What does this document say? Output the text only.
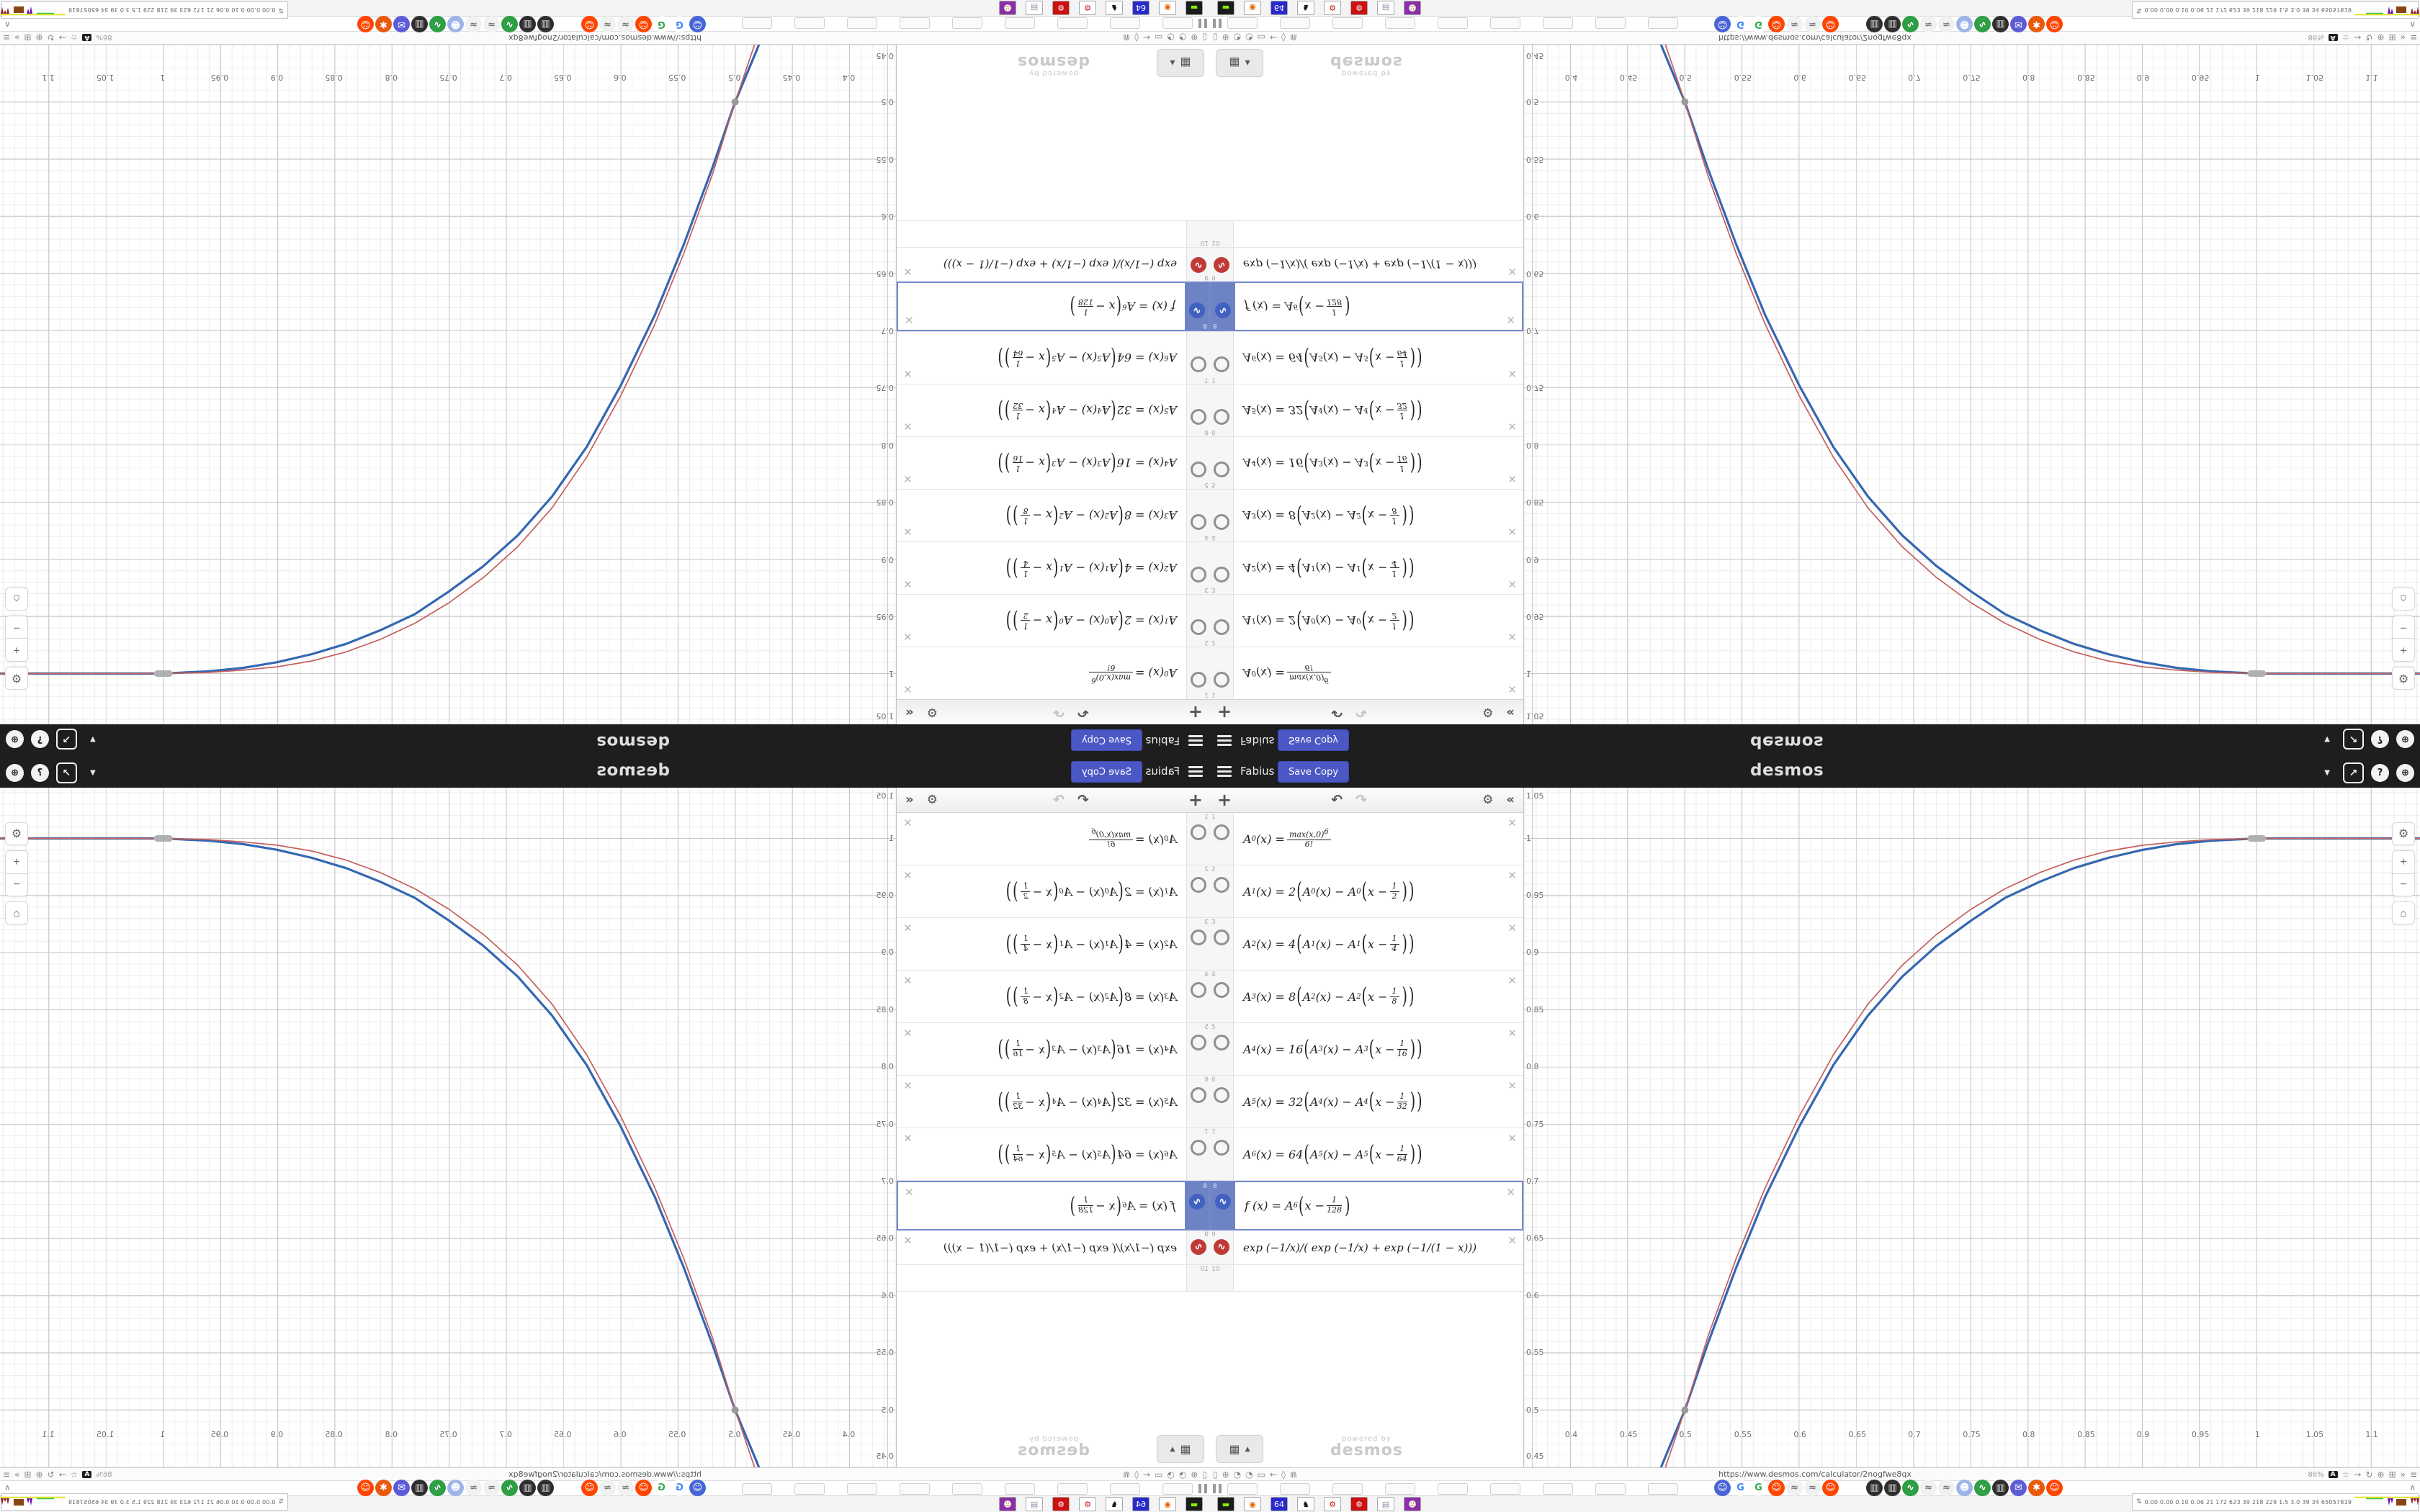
Fabius
Save Copy
desmos
▼
↗
?
⊕
+
↶
↷
⚙
«
1
A
0
(x) =
$\max(x,0)^6$
6!
✕
2
A
1
(x) = 2
(
A
0
(x) − A
0
(
x −
1
2
)
)
✕
3
A
2
(x) = 4
(
A
1
(x) − A
1
(
x −
1
4
)
)
✕
4
A
3
(x) = 8
(
A
2
(x) − A
2
(
x −
1
8
)
)
✕
5
A
4
(x) = 16
(
A
3
(x) − A
3
(
x −
1
16
)
)
✕
6
A
5
(x) = 32
(
A
4
(x) − A
4
(
x −
1
32
)
)
✕
7
A
6
(x) = 64
(
A
5
(x) − A
5
(
x −
1
64
)
)
✕
8
∿
f (x) = A
6
(
x −
1
128
)
✕
9
∿
exp (−1/x)/( exp (−1/x) + exp (−1/(1 − x)))
✕
10
▦
▲
powered by
desmos
1.05
1
0.95
0.9
0.85
0.8
0.75
0.7
0.65
0.6
0.55
0.5
0.45
0.4
0.45
0.5
0.55
0.6
0.65
0.7
0.75
0.8
0.85
0.9
0.95
1
1.05
1.1
⚙
+
−
⌂
▯
⊕
◔
◔
▭
←
◊
⋒
https://www.desmos.com/calculator/2nogfwe8qx
86%
A
☆
→
↻
⊕
⊞
»
≡
☺
G
G
☺
≈
≈
☺
▥
▥
∿
≈
≈
☻
∿
▥
✉
✱
☺
∧
▬
◉
64
♞
⚙
⚙
▤
☻
⇅
0.00 0.00 0.10 0.06 21 172 623 39 218 229 1.5 3.0 39 34 65057819
Fabius	Save Copy	desmos	▼	↗	?	⊕
+	↶ ↷	⚙ «
1
A 0 $(x) = \max(x,0)^6$
6!
✕
2
A 1 (x) = 2 ( A 0 (x) − A 0 ( x − 1
2 ) )
✕
3
A 2 (x) = 4 ( A 1 (x) − A 1 ( x − 1
4 ) )
✕
4
A 3 (x) = 8 ( A 2 (x) − A 2 ( x − 1
8 ) )
✕
5
A 4 (x) = 16 ( A 3 (x) − A 3 ( x − 1
16 ) )
✕
6
A 5 (x) = 32 ( A 4 (x) − A 4 ( x − 1
32 ) )
✕
7
A 6 (x) = 64 ( A 5 (x) − A 5 ( x − 1
64 ) )
✕
8
∿	f (x) = A 6 ( x − 1
128 )
✕
9
∿	exp (−1/x)/( exp (−1/x) + exp (−1/(1 − x)))
✕
10
▦ ▲
powered by
desmos
1.05
1
0.95
0.9
0.85
0.8
0.75
0.7
0.65
0.6
0.55
0.5
0.45
0.4	0.45	0.5	0.55	0.6	0.65	0.7	0.75	0.8	0.85	0.9	0.95	1	1.05	1.1
⚙
+
−
⌂
▯ ⊕ ◔ ◔ ▭ ← ◊ ⋒	https://www.desmos.com/calculator/2nogfwe8qx	86%	A ☆ → ↻ ⊕ ⊞ » ≡
☺ G	G ☺ ≈	≈ ☺	▥ ▥	∿	≈	≈ ☻ ∿	▥	✉	✱ ☺	∧
▬	◉	64	♞	⚙	⚙	▤	☻	⇅ 0.00 0.00 0.10 0.06 21 172 623 39 218 229 1.5 3.0 39 34 65057819
Fabius
Save Copy
desmos
▼
↗
?
⊕
+
↶
↷
⚙
«
1
A
0
(x) =
$\max(x,0)^6$
6!
✕
2
A
1
(x) = 2
(
A
0
(x) − A
0
(
x −
1
2
)
)
✕
3
A
2
(x) = 4
(
A
1
(x) − A
1
(
x −
1
4
)
)
✕
4
A
3
(x) = 8
(
A
2
(x) − A
2
(
x −
1
8
)
)
✕
5
A
4
(x) = 16
(
A
3
(x) − A
3
(
x −
1
16
)
)
✕
6
A
5
(x) = 32
(
A
4
(x) − A
4
(
x −
1
32
)
)
✕
7
A
6
(x) = 64
(
A
5
(x) − A
5
(
x −
1
64
)
)
✕
8
∿
f (x) = A
6
(
x −
1
128
)
✕
9
∿
exp (−1/x)/( exp (−1/x) + exp (−1/(1 − x)))
✕
10
▦
▲
powered by
desmos
1.05
1
0.95
0.9
0.85
0.8
0.75
0.7
0.65
0.6
0.55
0.5
0.45
0.4
0.45
0.5
0.55
0.6
0.65
0.7
0.75
0.8
0.85
0.9
0.95
1
1.05
1.1
⚙
+
−
⌂
▯
⊕
◔
◔
▭
←
◊
⋒
https://www.desmos.com/calculator/2nogfwe8qx
86%
A
☆
→
↻
⊕
⊞
»
≡
☺
G
G
☺
≈
≈
☺
▥
▥
∿
≈
≈
☻
∿
▥
✉
✱
☺
∧
▬
◉
64
♞
⚙
⚙
▤
☻
⇅
0.00 0.00 0.10 0.06 21 172 623 39 218 229 1.5 3.0 39 34 65057819
Fabius	Save Copy	desmos	▼	↗	?	⊕
+	↶ ↷	⚙ «
1
A 0 $(x) = \max(x,0)^6$
6!
✕
2
A 1 (x) = 2 ( A 0 (x) − A 0 ( x − 1
2 ) )
✕
3
A 2 (x) = 4 ( A 1 (x) − A 1 ( x − 1
4 ) )
✕
4
A 3 (x) = 8 ( A 2 (x) − A 2 ( x − 1
8 ) )
✕
5
A 4 (x) = 16 ( A 3 (x) − A 3 ( x − 1
16 ) )
✕
6
A 5 (x) = 32 ( A 4 (x) − A 4 ( x − 1
32 ) )
✕
7
A 6 (x) = 64 ( A 5 (x) − A 5 ( x − 1
64 ) )
✕
8
∿	f (x) = A 6 ( x − 1
128 )
✕
9
∿	exp (−1/x)/( exp (−1/x) + exp (−1/(1 − x)))
✕
10
▦ ▲
powered by
desmos
1.05
1
0.95
0.9
0.85
0.8
0.75
0.7
0.65
0.6
0.55
0.5
0.45
0.4	0.45	0.5	0.55	0.6	0.65	0.7	0.75	0.8	0.85	0.9	0.95	1	1.05	1.1
⚙
+
−
⌂
▯ ⊕ ◔ ◔ ▭ ← ◊ ⋒	https://www.desmos.com/calculator/2nogfwe8qx	86%	A ☆ → ↻ ⊕ ⊞ » ≡
☺ G	G ☺ ≈	≈ ☺	▥ ▥	∿	≈	≈ ☻ ∿	▥	✉	✱ ☺	∧
▬	◉	64	♞	⚙	⚙	▤	☻	⇅ 0.00 0.00 0.10 0.06 21 172 623 39 218 229 1.5 3.0 39 34 65057819
